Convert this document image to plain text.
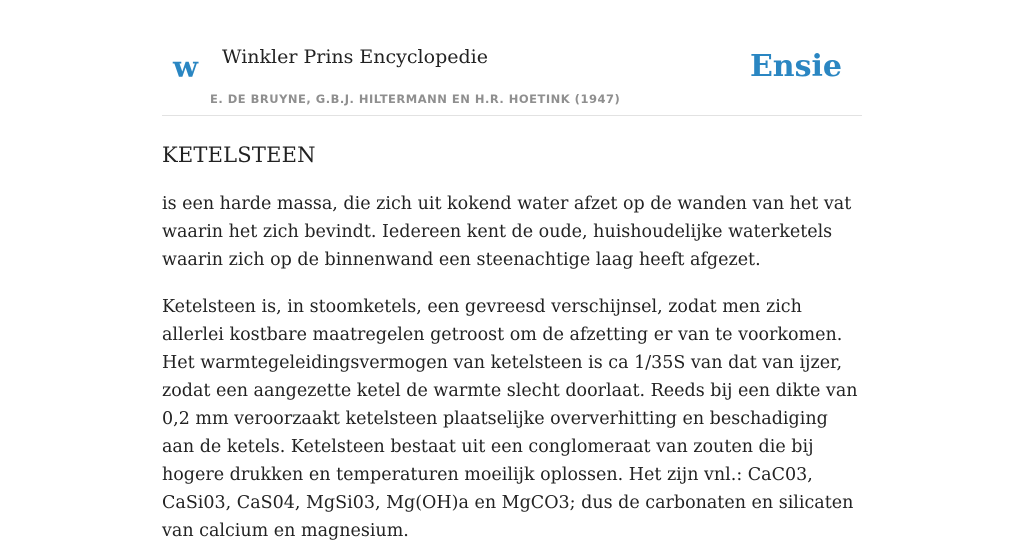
w Winkler Prins Encyclopedie
E. DE BRUYNE, G.B.J. HILTERMANN EN H.R. HOETINK (1947)
Ensie
KETELSTEEN

is een harde massa, die zich uit kokend water afzet op de wanden van het vat waarin het zich bevindt. Iedereen kent de oude, huishoudelijke waterketels waarin zich op de binnenwand een steenachtige laag heeft afgezet.

Ketelsteen is, in stoomketels, een gevreesd verschijnsel, zodat men zich allerlei kostbare maatregelen getroost om de afzetting er van te voorkomen. Het warmtegeleidingsvermogen van ketelsteen is ca 1/35S van dat van ijzer, zodat een aangezette ketel de warmte slecht doorlaat. Reeds bij een dikte van 0,2 mm veroorzaakt ketelsteen plaatselijke oververhitting en beschadiging aan de ketels. Ketelsteen bestaat uit een conglomeraat van zouten die bij hogere drukken en temperaturen moeilijk oplossen. Het zijn vnl.: CaC03, CaSi03, CaS04, MgSi03, Mg(OH)a en MgCO3; dus de carbonaten en silicaten van calcium en magnesium.
